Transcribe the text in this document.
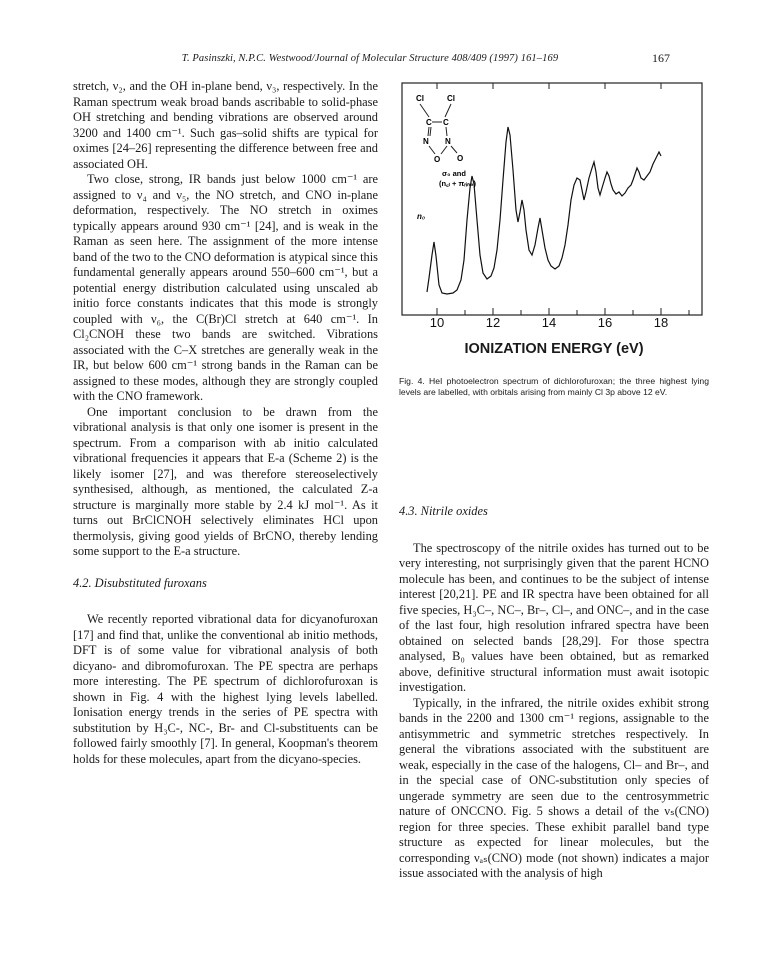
T. Pasinszki, N.P.C. Westwood/Journal of Molecular Structure 408/409 (1997) 161–169	167

stretch, ν₂, and the OH in-plane bend, ν₃, respectively. In the Raman spectrum weak broad bands ascribable to solid-phase OH stretching and bending vibrations are observed around 3200 and 1400 cm⁻¹. Such gas–solid shifts are typical for oximes [24–26] representing the difference between free and associated OH.

Two close, strong, IR bands just below 1000 cm⁻¹ are assigned to ν₄ and ν₅, the NO stretch, and CNO in-plane deformation, respectively. The NO stretch in oximes typically appears around 930 cm⁻¹ [24], and is weak in the Raman as seen here. The assignment of the more intense band of the two to the CNO deformation is atypical since this fundamental generally appears around 550–600 cm⁻¹, but a potential energy distribution calculated using unscaled ab initio force constants indicates that this mode is strongly coupled with ν₆, the C(Br)Cl stretch at 640 cm⁻¹. In Cl₂CNOH these two bands are switched. Vibrations associated with the C–X stretches are generally weak in the IR, but below 600 cm⁻¹ strong bands in the Raman can be assigned to these modes, although they are strongly coupled with the CNO framework.

One important conclusion to be drawn from the vibrational analysis is that only one isomer is present in the spectrum. From a comparison with ab initio calculated vibrational frequencies it appears that E-a (Scheme 2) is the likely isomer [27], and was therefore stereoselectively synthesised, although, as mentioned, the calculated Z-a structure is marginally more stable by 2.4 kJ mol⁻¹. As it turns out BrClCNOH selectively eliminates HCl upon thermolysis, giving good yields of BrCNO, thereby lending some support to the E-a structure.

4.2. Disubstituted furoxans

We recently reported vibrational data for dicyanofuroxan [17] and find that, unlike the conventional ab initio methods, DFT is of some value for vibrational analysis of both dicyano- and dibromofuroxan. The PE spectra are perhaps more interesting. The PE spectrum of dichlorofuroxan is shown in Fig. 4 with the highest lying levels labelled. Ionisation energy trends in the series of PE spectra with substitution by H₃C-, NC-, Br- and Cl-substituents can be followed fairly smoothly [7]. In general, Koopman's theorem holds for these molecules, apart from the dicyano-species.

Cl	Cl
C C
N N
O O
σ₀ and
(n꜀ₗ + πᵣᵢₙ₉)
n₀
10	12	14	16	18
IONIZATION ENERGY (eV)
Fig. 4. HeI photoelectron spectrum of dichlorofuroxan; the three highest lying levels are labelled, with orbitals arising from mainly Cl 3p above 12 eV.

4.3. Nitrile oxides

The spectroscopy of the nitrile oxides has turned out to be very interesting, not surprisingly given that the parent HCNO molecule has been, and continues to be the subject of intense interest [20,21]. PE and IR spectra have been obtained for all five species, H₃C–, NC–, Br–, Cl–, and ONC–, and in the case of the last four, high resolution infrared spectra have been obtained on selected bands [28,29]. For those spectra analysed, B₀ values have been obtained, but as remarked above, definitive structural information must await isotopic investigation.

Typically, in the infrared, the nitrile oxides exhibit strong bands in the 2200 and 1300 cm⁻¹ regions, assignable to the antisymmetric and symmetric stretches respectively. In general the vibrations associated with the substituent are weak, especially in the case of the halogens, Cl– and Br–, and in the special case of ONC-substitution only species of ungerade symmetry are seen due to the centrosymmetric nature of ONCCNO. Fig. 5 shows a detail of the νₛ(CNO) region for three species. These exhibit parallel band type structure as expected for linear molecules, but the corresponding νₐₛ(CNO) mode (not shown) indicates a major issue associated with the analysis of high
